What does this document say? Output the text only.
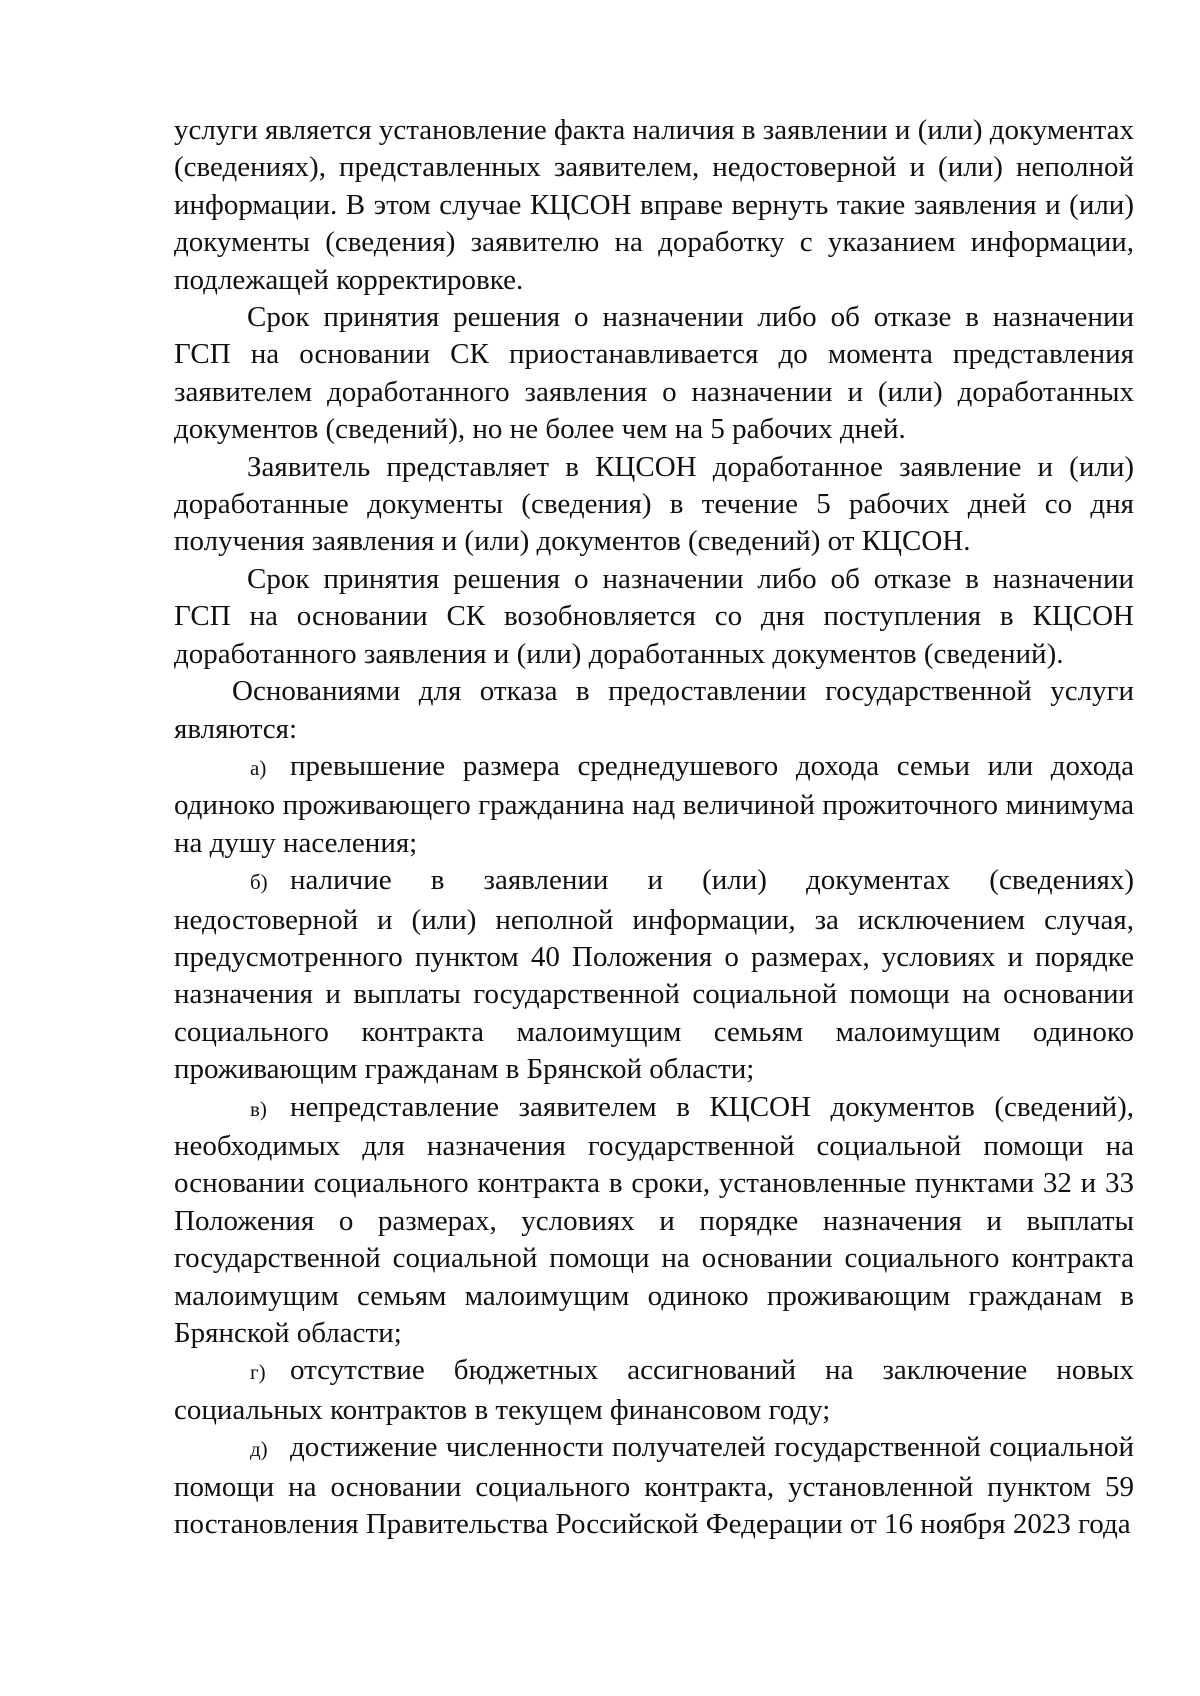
услуги является установление факта наличия в заявлении и (или) документах (сведениях), представленных заявителем, недостоверной и (или) неполной информации. В этом случае КЦСОН вправе вернуть такие заявления и (или) документы (сведения) заявителю на доработку с указанием информации, подлежащей корректировке.

Срок принятия решения о назначении либо об отказе в назначении ГСП на основании СК приостанавливается до момента представления заявителем доработанного заявления о назначении и (или) доработанных документов (сведений), но не более чем на 5 рабочих дней.

Заявитель представляет в КЦСОН доработанное заявление и (или) доработанные документы (сведения) в течение 5 рабочих дней со дня получения заявления и (или) документов (сведений) от КЦСОН.

Срок принятия решения о назначении либо об отказе в назначении ГСП на основании СК возобновляется со дня поступления в КЦСОН доработанного заявления и (или) доработанных документов (сведений).

Основаниями для отказа в предоставлении государственной услуги являются:

а) превышение размера среднедушевого дохода семьи или дохода одиноко проживающего гражданина над величиной прожиточного минимума на душу населения;

б) наличие в заявлении и (или) документах (сведениях) недостоверной и (или) неполной информации, за исключением случая, предусмотренного пунктом 40 Положения о размерах, условиях и порядке назначения и выплаты государственной социальной помощи на основании социального контракта малоимущим семьям малоимущим одиноко проживающим гражданам в Брянской области;

в) непредставление заявителем в КЦСОН документов (сведений), необходимых для назначения государственной социальной помощи на основании социального контракта в сроки, установленные пунктами 32 и 33 Положения о размерах, условиях и порядке назначения и выплаты государственной социальной помощи на основании социального контракта малоимущим семьям малоимущим одиноко проживающим гражданам в Брянской области;

г) отсутствие бюджетных ассигнований на заключение новых социальных контрактов в текущем финансовом году;

д) достижение численности получателей государственной социальной помощи на основании социального контракта, установленной пунктом 59 постановления Правительства Российской Федерации от 16 ноября 2023 года
